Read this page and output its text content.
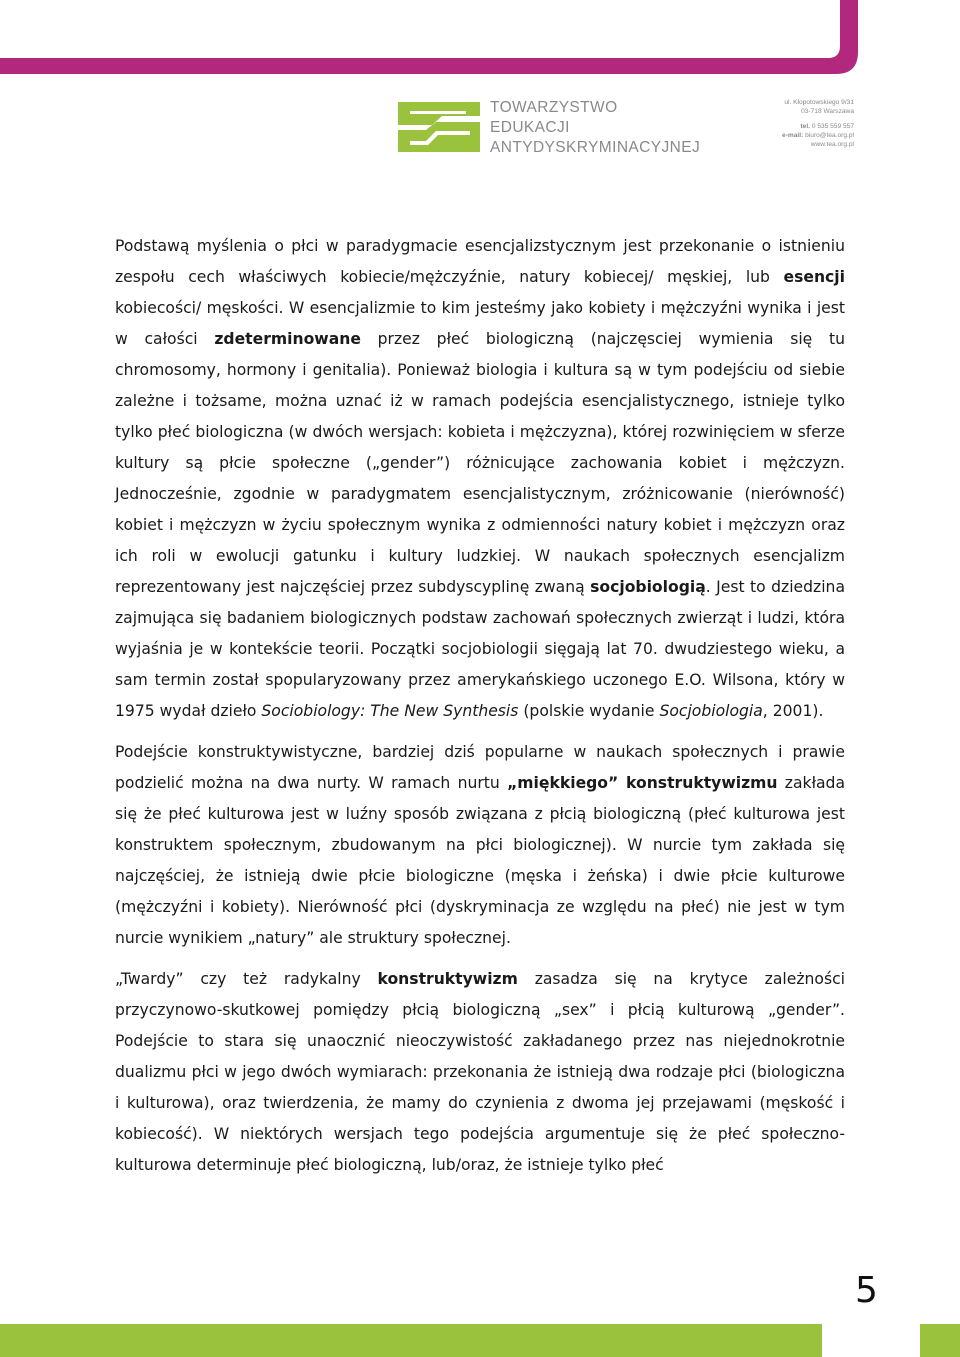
TOWARZYSTWO
EDUKACJI
ANTYDYSKRYMINACYJNEJ
ul. Kłopotowskiego 9/31
03-718 Warszawa
tel. 0 535 559 557
e-mail: biuro@tea.org.pl
www.tea.org.pl

Podstawą myślenia o płci w paradygmacie esencjalizstycznym jest przekonanie o istnieniu zespołu cech właściwych kobiecie/mężczyźnie, natury kobiecej/ męskiej, lub esencji kobiecości/ męskości. W esencjalizmie to kim jesteśmy jako kobiety i mężczyźni wynika i jest w całości zdeterminowane przez płeć biologiczną (najczęsciej wymienia się tu chromosomy, hormony i genitalia). Ponieważ biologia i kultura są w tym podejściu od siebie zależne i tożsame, można uznać iż w ramach podejścia esencjalistycznego, istnieje tylko tylko płeć biologiczna (w dwóch wersjach: kobieta i mężczyzna), której rozwinięciem w sferze kultury są płcie społeczne („gender”) różnicujące zachowania kobiet i mężczyzn. Jednocześnie, zgodnie w paradygmatem esencjalistycznym, zróżnicowanie (nierówność) kobiet i mężczyzn w życiu społecznym wynika z odmienności natury kobiet i mężczyzn oraz ich roli w ewolucji gatunku i kultury ludzkiej. W naukach społecznych esencjalizm reprezentowany jest najczęściej przez subdyscyplinę zwaną socjobiologią. Jest to dziedzina zajmująca się badaniem biologicznych podstaw zachowań społecznych zwierząt i ludzi, która wyjaśnia je w kontekście teorii. Początki socjobiologii sięgają lat 70. dwudziestego wieku, a sam termin został spopularyzowany przez amerykańskiego uczonego E.O. Wilsona, który w 1975 wydał dzieło Sociobiology: The New Synthesis (polskie wydanie Socjobiologia, 2001).

Podejście konstruktywistyczne, bardziej dziś popularne w naukach społecznych i prawie podzielić można na dwa nurty. W ramach nurtu „miękkiego” konstruktywizmu zakłada się że płeć kulturowa jest w luźny sposób związana z płcią biologiczną (płeć kulturowa jest konstruktem społecznym, zbudowanym na płci biologicznej). W nurcie tym zakłada się najczęściej, że istnieją dwie płcie biologiczne (męska i żeńska) i dwie płcie kulturowe (mężczyźni i kobiety). Nierówność płci (dyskryminacja ze względu na płeć) nie jest w tym nurcie wynikiem „natury” ale struktury społecznej.

„Twardy” czy też radykalny konstruktywizm zasadza się na krytyce zależności przyczynowo-skutkowej pomiędzy płcią biologiczną „sex” i płcią kulturową „gender”. Podejście to stara się unaocznić nieoczywistość zakładanego przez nas niejednokrotnie dualizmu płci w jego dwóch wymiarach: przekonania że istnieją dwa rodzaje płci (biologiczna i kulturowa), oraz twierdzenia, że mamy do czynienia z dwoma jej przejawami (męskość i kobiecość). W niektórych wersjach tego podejścia argumentuje się że płeć społeczno-kulturowa determinuje płeć biologiczną, lub/oraz, że istnieje tylko płeć

5
